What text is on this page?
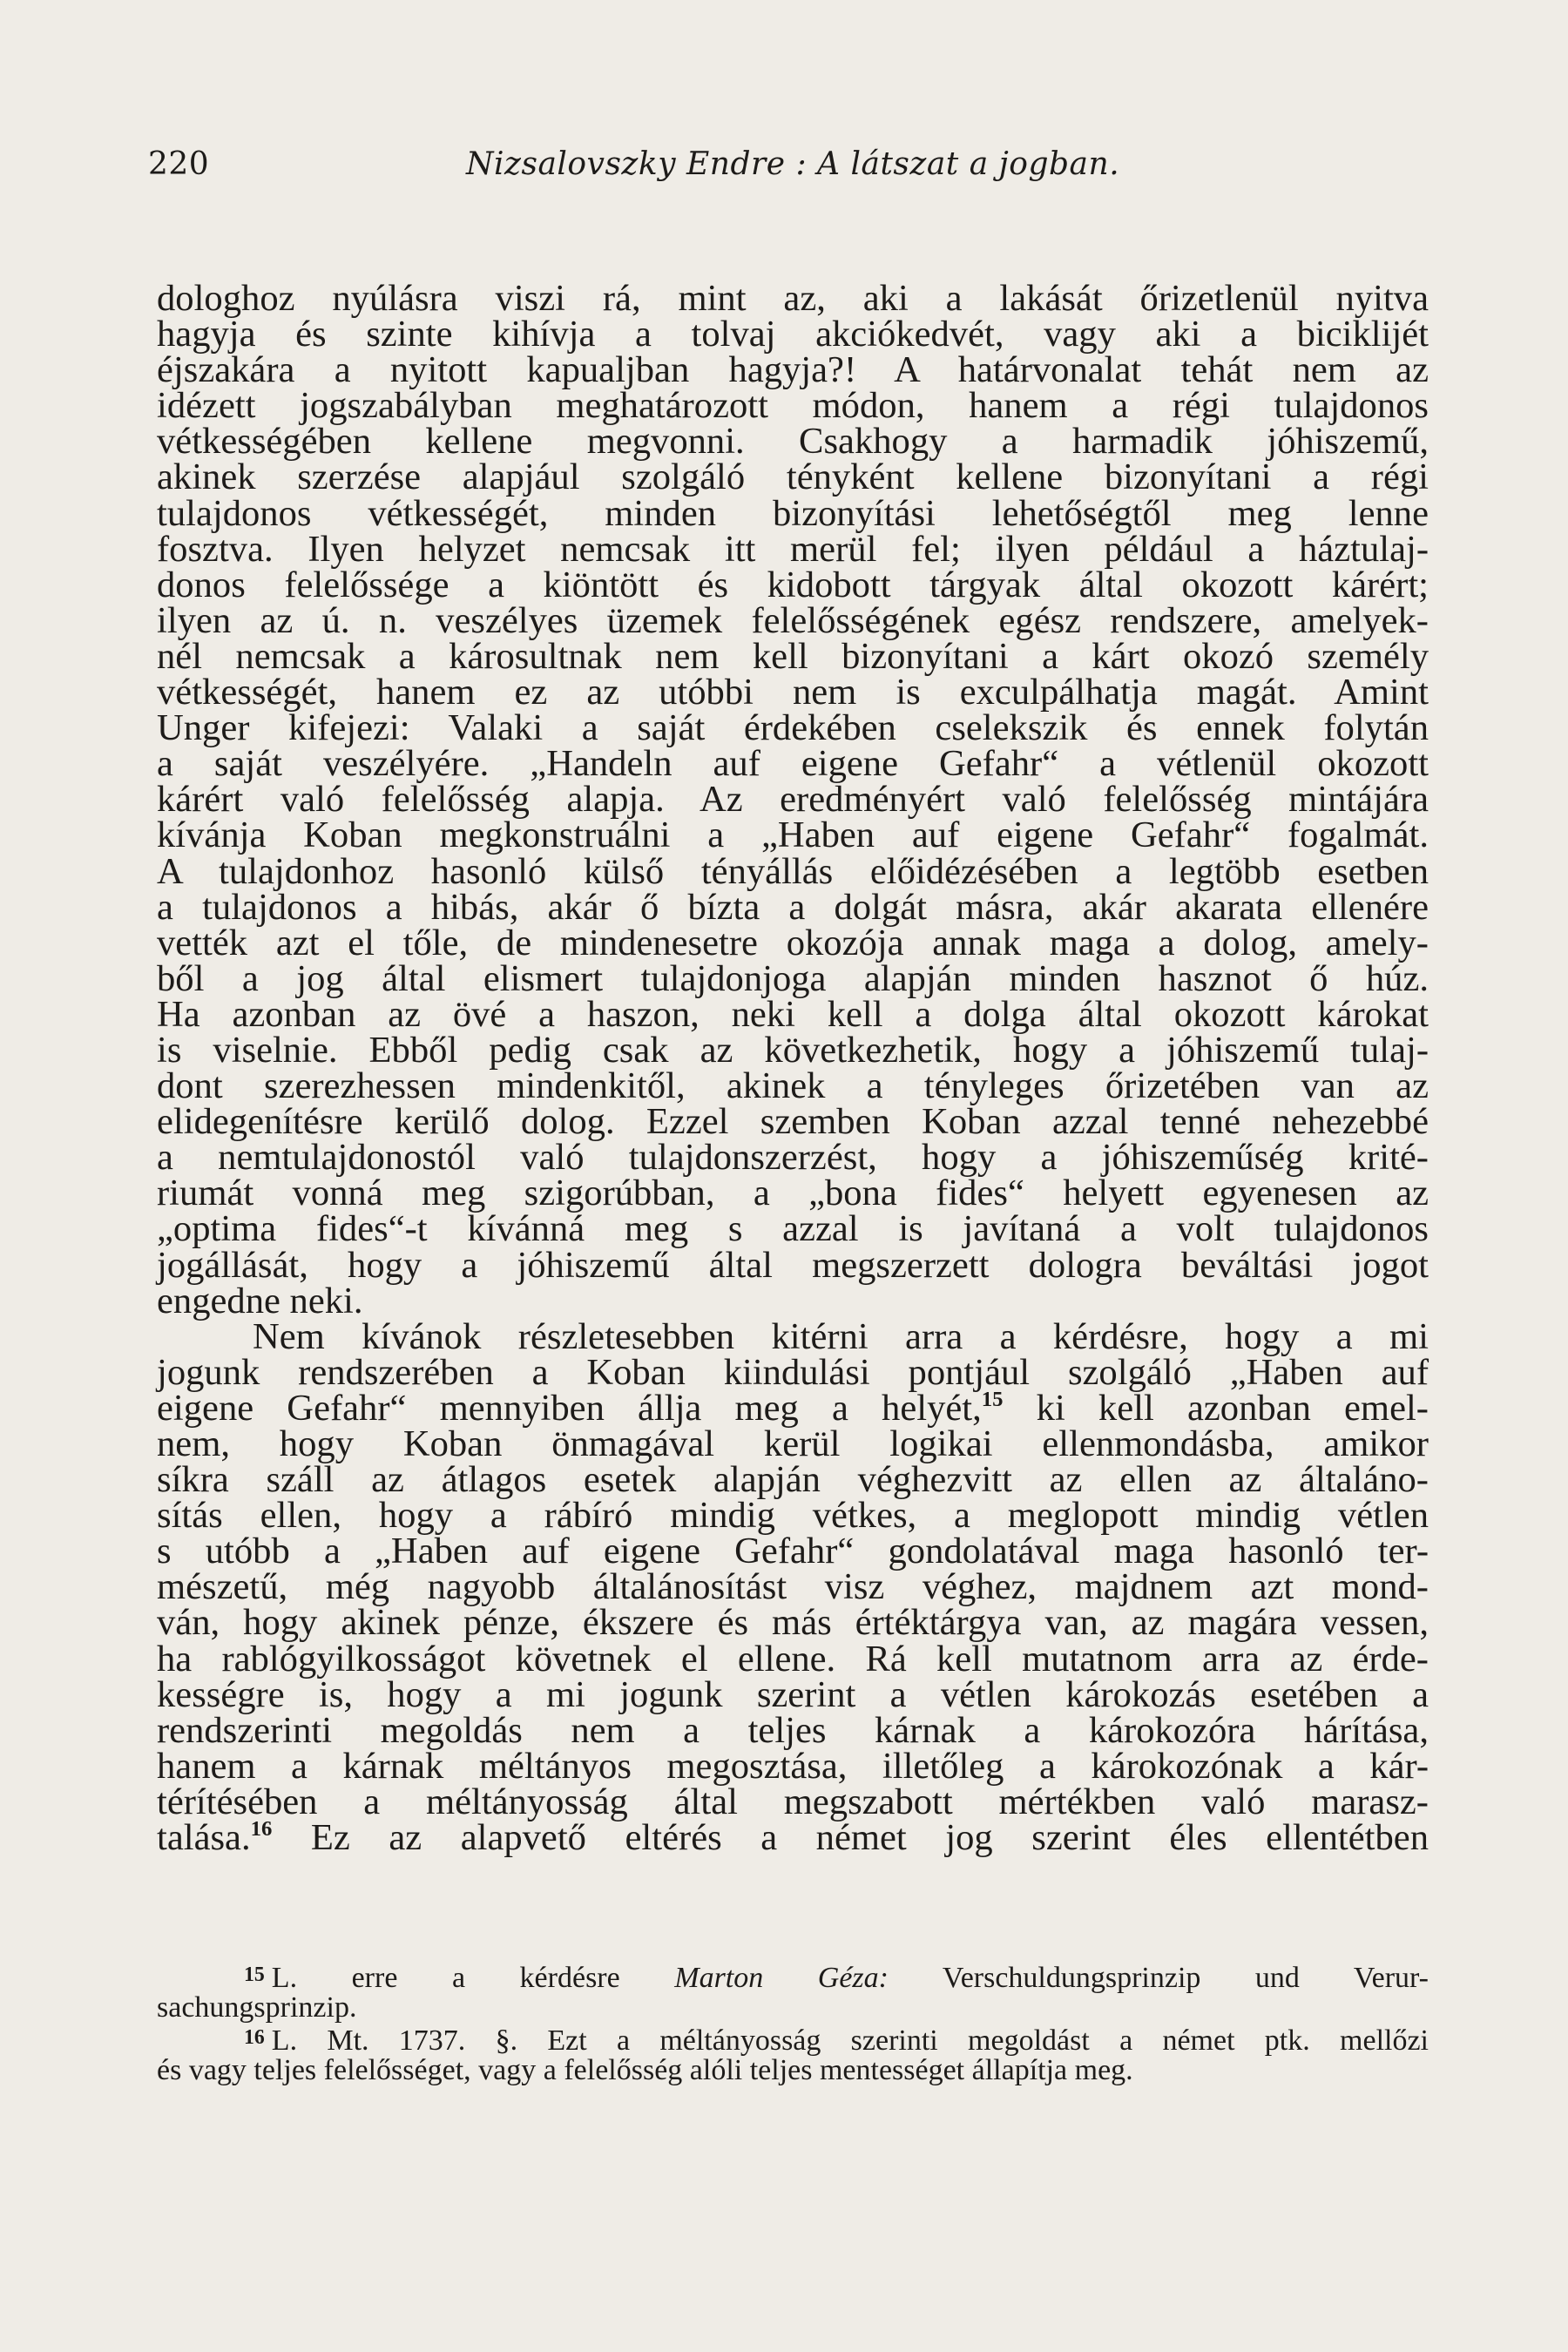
220	Nizsalovszky Endre : A látszat a jogban.
dologhoz nyúlásra viszi rá, mint az, aki a lakását őrizetlenül nyitva
hagyja és szinte kihívja a tolvaj akciókedvét, vagy aki a biciklijét
éjszakára a nyitott kapualjban hagyja?! A határvonalat tehát nem az
idézett jogszabályban meghatározott módon, hanem a régi tulajdonos
vétkességében kellene megvonni. Csakhogy a harmadik jóhiszemű,
akinek szerzése alapjául szolgáló tényként kellene bizonyítani a régi
tulajdonos vétkességét, minden bizonyítási lehetőségtől meg lenne
fosztva. Ilyen helyzet nemcsak itt merül fel; ilyen például a háztulaj-
donos felelőssége a kiöntött és kidobott tárgyak által okozott kárért;
ilyen az ú. n. veszélyes üzemek felelősségének egész rendszere, amelyek-
nél nemcsak a károsultnak nem kell bizonyítani a kárt okozó személy
vétkességét, hanem ez az utóbbi nem is exculpálhatja magát. Amint
Unger kifejezi: Valaki a saját érdekében cselekszik és ennek folytán
a saját veszélyére. „Handeln auf eigene Gefahr“ a vétlenül okozott
kárért való felelősség alapja. Az eredményért való felelősség mintájára
kívánja Koban megkonstruálni a „Haben auf eigene Gefahr“ fogalmát.
A tulajdonhoz hasonló külső tényállás előidézésében a legtöbb esetben
a tulajdonos a hibás, akár ő bízta a dolgát másra, akár akarata ellenére
vették azt el tőle, de mindenesetre okozója annak maga a dolog, amely-
ből a jog által elismert tulajdonjoga alapján minden hasznot ő húz.
Ha azonban az övé a haszon, neki kell a dolga által okozott károkat
is viselnie. Ebből pedig csak az következhetik, hogy a jóhiszemű tulaj-
dont szerezhessen mindenkitől, akinek a tényleges őrizetében van az
elidegenítésre kerülő dolog. Ezzel szemben Koban azzal tenné nehezebbé
a nemtulajdonostól való tulajdonszerzést, hogy a jóhiszeműség krité-
riumát vonná meg szigorúbban, a „bona fides“ helyett egyenesen az
„optima fides“-t kívánná meg s azzal is javítaná a volt tulajdonos
jogállását, hogy a jóhiszemű által megszerzett dologra beváltási jogot
engedne neki.
Nem kívánok részletesebben kitérni arra a kérdésre, hogy a mi
jogunk rendszerében a Koban kiindulási pontjául szolgáló „Haben auf
eigene Gefahr“ mennyiben állja meg a helyét,$^{15}$ ki kell azonban emel-
nem, hogy Koban önmagával kerül logikai ellenmondásba, amikor
síkra száll az átlagos esetek alapján véghezvitt az ellen az általáno-
sítás ellen, hogy a rábíró mindig vétkes, a meglopott mindig vétlen
s utóbb a „Haben auf eigene Gefahr“ gondolatával maga hasonló ter-
mészetű, még nagyobb általánosítást visz véghez, majdnem azt mond-
ván, hogy akinek pénze, ékszere és más értéktárgya van, az magára vessen,
ha rablógyilkosságot követnek el ellene. Rá kell mutatnom arra az érde-
kességre is, hogy a mi jogunk szerint a vétlen károkozás esetében a
rendszerinti megoldás nem a teljes kárnak a károkozóra hárítása,
hanem a kárnak méltányos megosztása, illetőleg a károkozónak a kár-
térítésében a méltányosság által megszabott mértékben való marasz-
talása.$^{16}$ Ez az alapvető eltérés a német jog szerint éles ellentétben
$^{15}$ L. erre a kérdésre Marton Géza: Verschuldungsprinzip und Verur-
sachungsprinzip.
$^{16}$ L. Mt. 1737. §. Ezt a méltányosság szerinti megoldást a német ptk. mellőzi
és vagy teljes felelősséget, vagy a felelősség alóli teljes mentességet állapítja meg.
